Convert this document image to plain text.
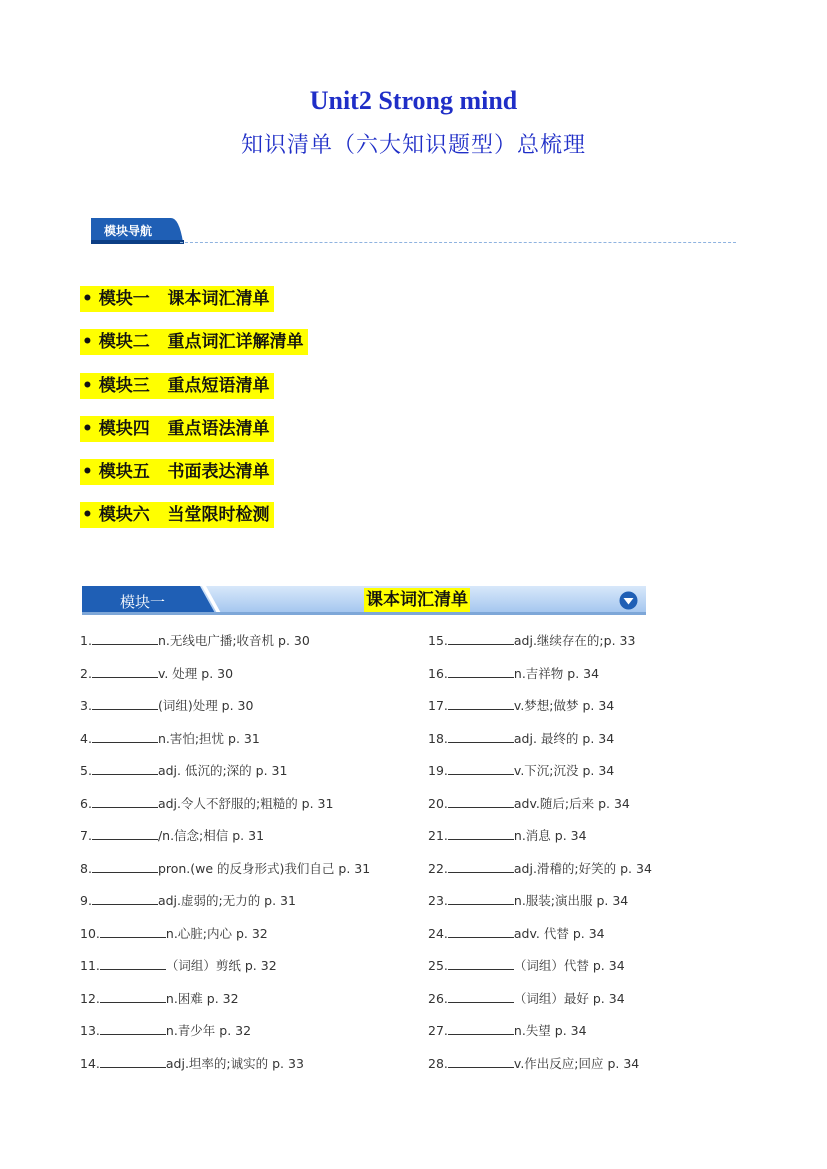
Unit2 Strong mind
知识清单（六大知识题型）总梳理
模块导航
• 模块一   课本词汇清单
• 模块二   重点词汇详解清单
• 模块三   重点短语清单
• 模块四   重点语法清单
• 模块五   书面表达清单
• 模块六   当堂限时检测
模块一	课本词汇清单
1.	n.无线电广播;收音机 p. 30
2.	v. 处理 p. 30
3.	(词组)处理 p. 30
4.	n.害怕;担忧 p. 31
5.	adj. 低沉的;深的 p. 31
6.	adj.令人不舒服的;粗糙的 p. 31
7.	/n.信念;相信 p. 31
8.	pron.(we 的反身形式)我们自己 p. 31
9.	adj.虚弱的;无力的 p. 31
10.	n.心脏;内心 p. 32
11.	（词组）剪纸 p. 32
12.	n.困难 p. 32
13.	n.青少年 p. 32
14.	adj.坦率的;诚实的 p. 33
15.	adj.继续存在的;p. 33
16.	n.吉祥物 p. 34
17.	v.梦想;做梦 p. 34
18.	adj. 最终的 p. 34
19.	v.下沉;沉没 p. 34
20.	adv.随后;后来 p. 34
21.	n.消息 p. 34
22.	adj.滑稽的;好笑的 p. 34
23.	n.服装;演出服 p. 34
24.	adv. 代替 p. 34
25.	（词组）代替 p. 34
26.	（词组）最好 p. 34
27.	n.失望 p. 34
28.	v.作出反应;回应 p. 34
